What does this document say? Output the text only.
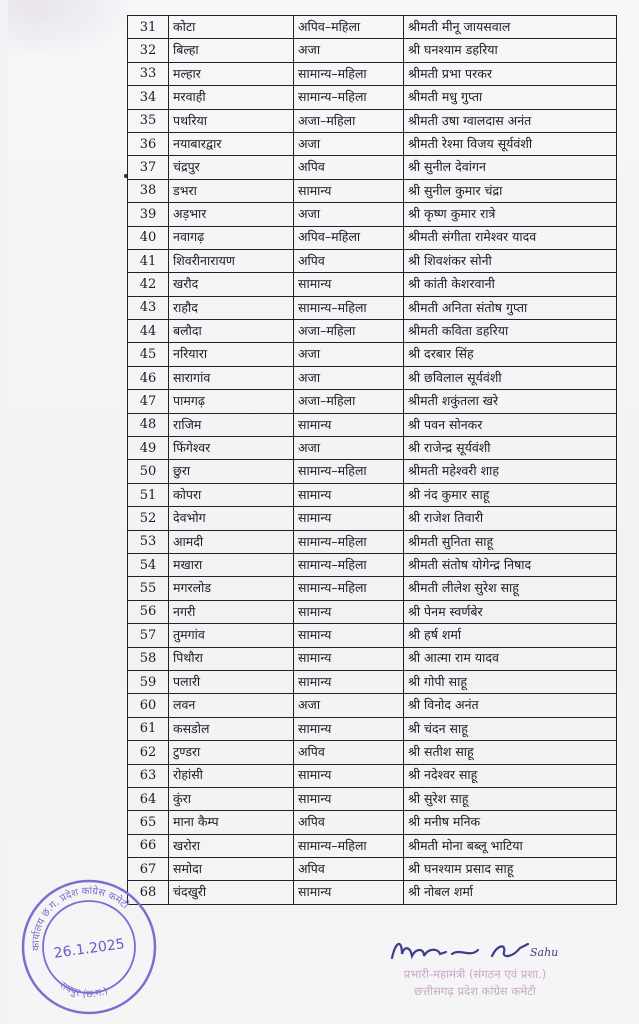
31	कोटा	अपिव–महिला	श्रीमती मीनू जायसवाल
32	बिल्हा	अजा	श्री घनश्याम डहरिया
33	मल्हार	सामान्य–महिला	श्रीमती प्रभा परकर
34	मरवाही	सामान्य–महिला	श्रीमती मधु गुप्ता
35	पथरिया	अजा–महिला	श्रीमती उषा ग्वालदास अनंत
36	नयाबारद्वार	अजा	श्रीमती रेश्मा विजय सूर्यवंशी
37	चंद्रपुर	अपिव	श्री सुनील देवांगन
38	डभरा	सामान्य	श्री सुनील कुमार चंद्रा
39	अड़भार	अजा	श्री कृष्ण कुमार रात्रे
40	नवागढ़	अपिव–महिला	श्रीमती संगीता रामेश्वर यादव
41	शिवरीनारायण	अपिव	श्री शिवशंकर सोनी
42	खरौद	सामान्य	श्री कांती केशरवानी
43	राहौद	सामान्य–महिला	श्रीमती अनिता संतोष गुप्ता
44	बलौदा	अजा–महिला	श्रीमती कविता डहरिया
45	नरियारा	अजा	श्री दरबार सिंह
46	सारागांव	अजा	श्री छविलाल सूर्यवंशी
47	पामगढ़	अजा–महिला	श्रीमती शकुंतला खरे
48	राजिम	सामान्य	श्री पवन सोनकर
49	फिंगेश्वर	अजा	श्री राजेन्द्र सूर्यवंशी
50	छुरा	सामान्य–महिला	श्रीमती महेश्वरी शाह
51	कोपरा	सामान्य	श्री नंद कुमार साहू
52	देवभोग	सामान्य	श्री राजेश तिवारी
53	आमदी	सामान्य–महिला	श्रीमती सुनिता साहू
54	मखारा	सामान्य–महिला	श्रीमती संतोष योगेन्द्र निषाद
55	मगरलोड	सामान्य–महिला	श्रीमती लीलेश सुरेश साहू
56	नगरी	सामान्य	श्री पेनम स्वर्णबेर
57	तुमगांव	सामान्य	श्री हर्ष शर्मा
58	पिथौरा	सामान्य	श्री आत्मा राम यादव
59	पलारी	सामान्य	श्री गोपी साहू
60	लवन	अजा	श्री विनोद अनंत
61	कसडोल	सामान्य	श्री चंदन साहू
62	टुण्डरा	अपिव	श्री सतीश साहू
63	रोहांसी	सामान्य	श्री नदेश्वर साहू
64	कुंरा	सामान्य	श्री सुरेश साहू
65	माना कैम्प	अपिव	श्री मनीष मनिक
66	खरोरा	सामान्य–महिला	श्रीमती मोना बब्लू भाटिया
67	समोदा	अपिव	श्री घनश्याम प्रसाद साहू
68	चंदखुरी	सामान्य	श्री नोबल शर्मा
कार्यालय छ.ग. प्रदेश कांग्रेस कमेटी
रायपुर (छ.ग.)
26.1.2025	Sahu
प्रभारी-महामंत्री (संगठन एवं प्रशा.)
छत्तीसगढ़ प्रदेश कांग्रेस कमेटी
